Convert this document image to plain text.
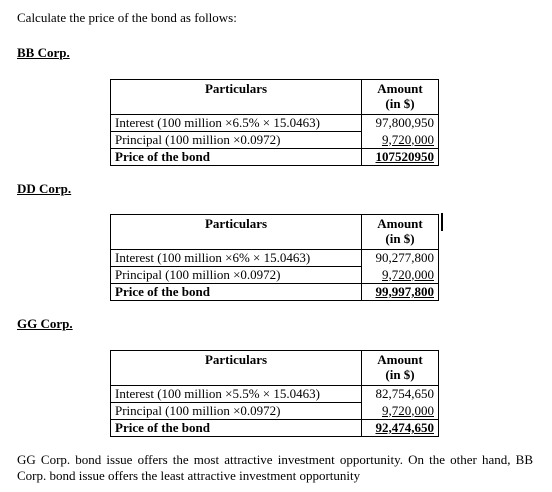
Calculate the price of the bond as follows:
BB Corp.
Particulars	Amount
(in $)
Interest (100 million ×6.5% × 15.0463)	97,800,950
Principal (100 million ×0.0972)	9,720,000
Price of the bond	107520950
DD Corp.
Particulars	Amount
(in $)
Interest (100 million ×6% × 15.0463)	90,277,800
Principal (100 million ×0.0972)	9,720,000
Price of the bond	99,997,800
GG Corp.
Particulars	Amount
(in $)
Interest (100 million ×5.5% × 15.0463)	82,754,650
Principal (100 million ×0.0972)	9,720,000
Price of the bond	92,474,650
GG Corp. bond issue offers the most attractive investment opportunity. On the other hand, BB Corp. bond issue offers the least attractive investment opportunity
